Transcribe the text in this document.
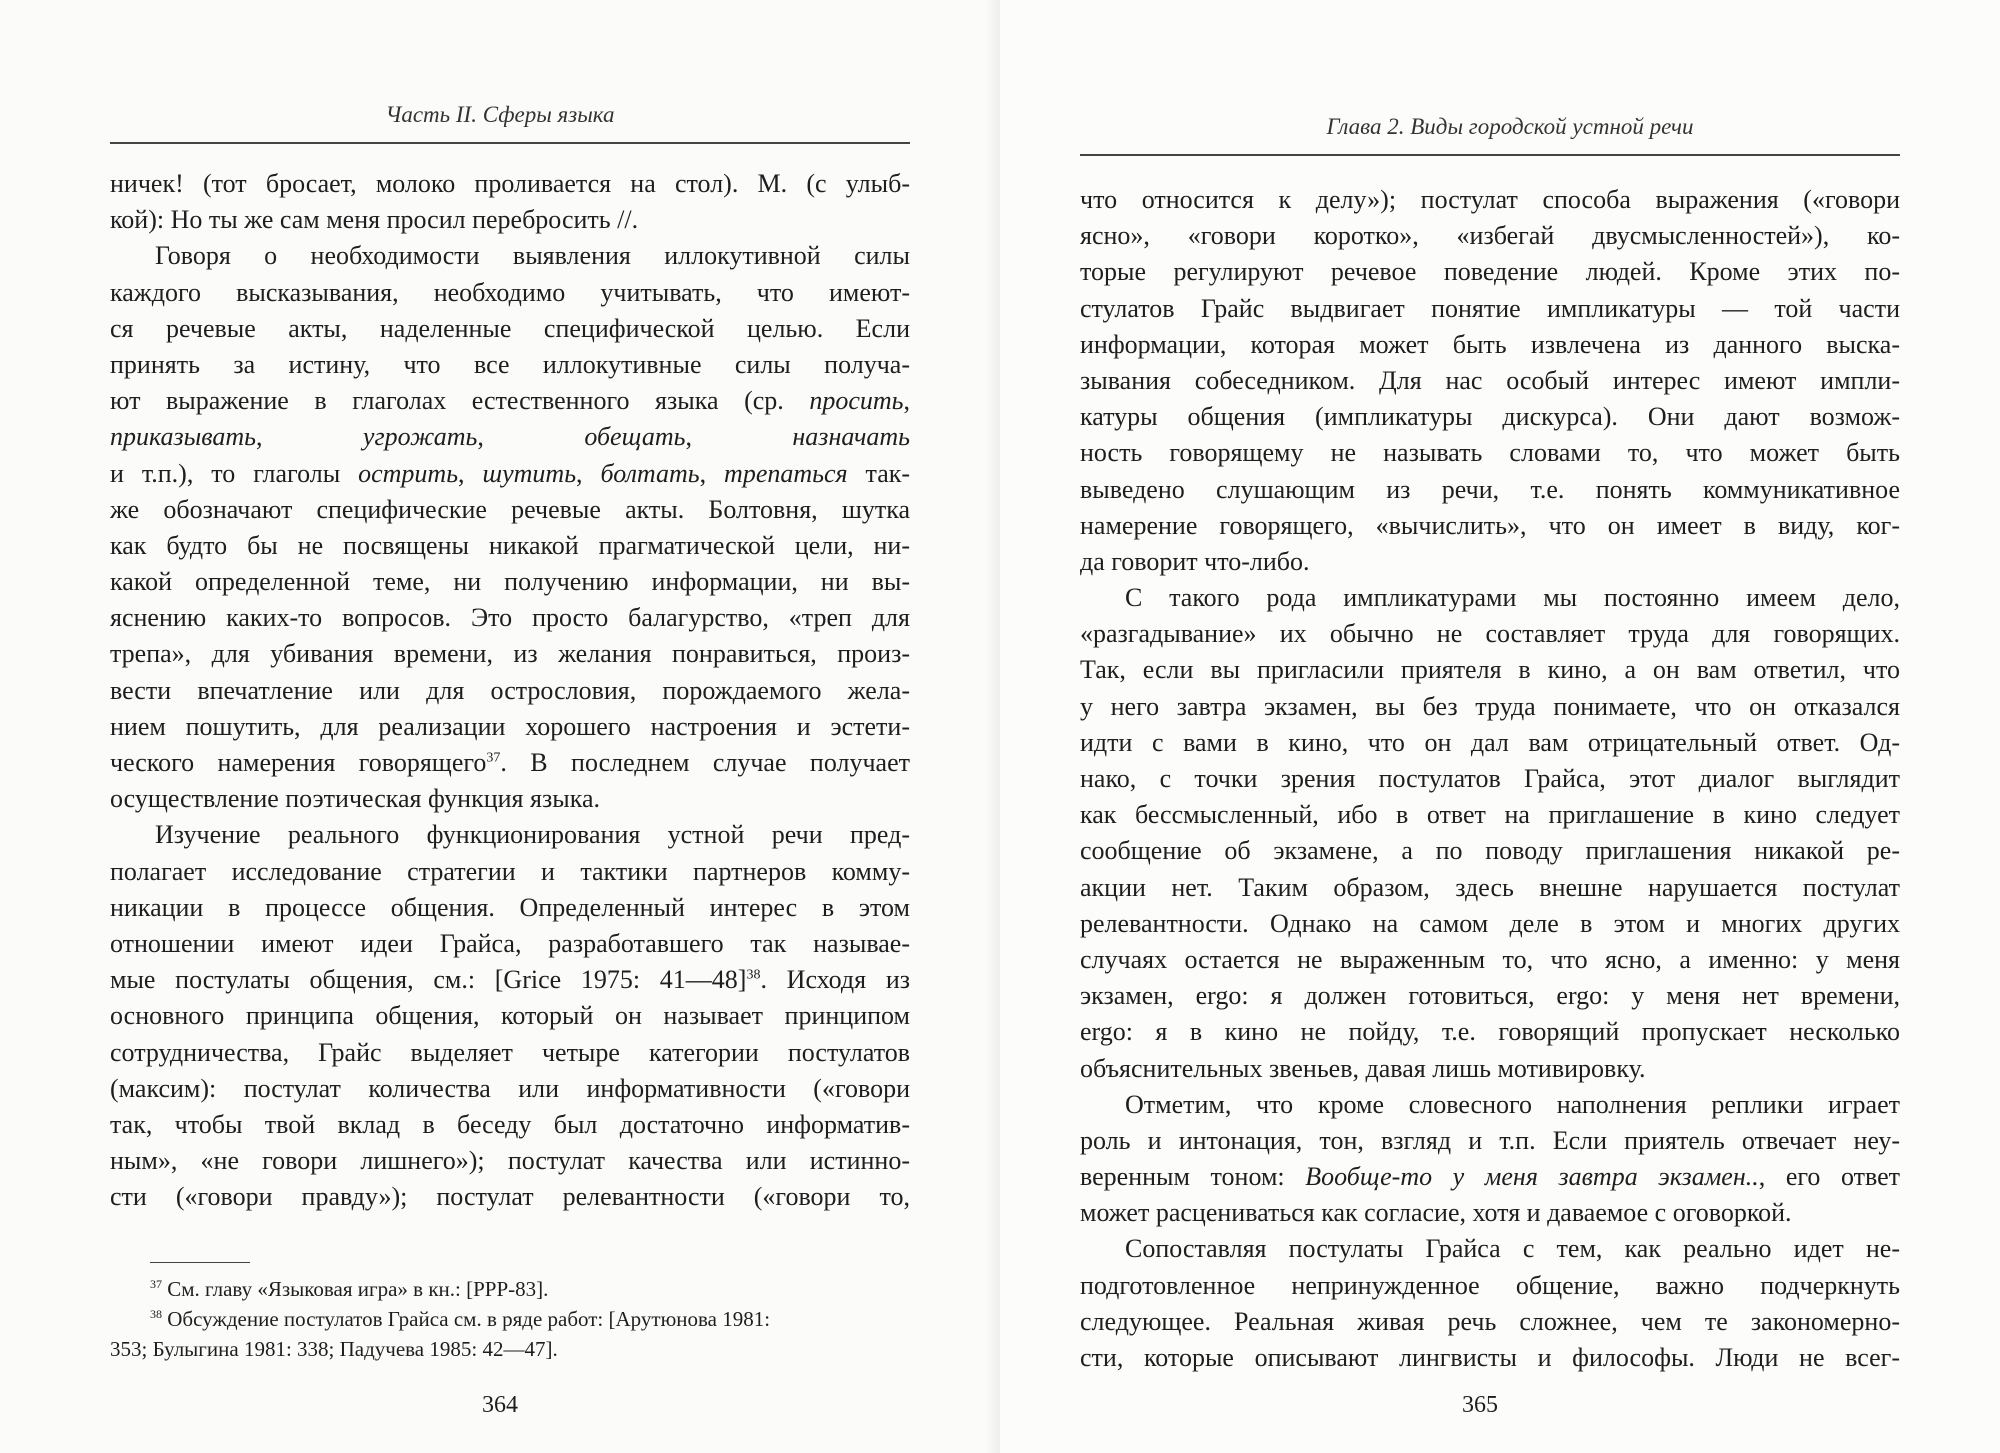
Часть II. Сферы языка
ничек! (тот бросает, молоко проливается на стол). М. (с улыб-
кой): Но ты же сам меня просил перебросить //.
Говоря о необходимости выявления иллокутивной силы
каждого высказывания, необходимо учитывать, что имеют-
ся речевые акты, наделенные специфической целью. Если
принять за истину, что все иллокутивные силы получа-
ют выражение в глаголах естественного языка (ср. просить,
приказывать, угрожать, обещать, назначать
и т.п.), то глаголы острить, шутить, болтать, трепаться так-
же обозначают специфические речевые акты. Болтовня, шутка
как будто бы не посвящены никакой прагматической цели, ни-
какой определенной теме, ни получению информации, ни вы-
яснению каких-то вопросов. Это просто балагурство, «треп для
трепа», для убивания времени, из желания понравиться, произ-
вести впечатление или для острословия, порождаемого жела-
нием пошутить, для реализации хорошего настроения и эстети-
ческого намерения говорящего$^{37}$. В последнем случае получает
осуществление поэтическая функция языка.
Изучение реального функционирования устной речи пред-
полагает исследование стратегии и тактики партнеров комму-
никации в процессе общения. Определенный интерес в этом
отношении имеют идеи Грайса, разработавшего так называе-
мые постулаты общения, см.: [Grice 1975: 41—48]$^{38}$. Исходя из
основного принципа общения, который он называет принципом
сотрудничества, Грайс выделяет четыре категории постулатов
(максим): постулат количества или информативности («говори
так, чтобы твой вклад в беседу был достаточно информатив-
ным», «не говори лишнего»); постулат качества или истинно-
сти («говори правду»); постулат релевантности («говори то,
$^{37}$ См. главу «Языковая игра» в кн.: [РРР-83].
$^{38}$ Обсуждение постулатов Грайса см. в ряде работ: [Арутюнова 1981:
353; Булыгина 1981: 338; Падучева 1985: 42—47].
364
Глава 2. Виды городской устной речи
что относится к делу»); постулат способа выражения («говори
ясно», «говори коротко», «избегай двусмысленностей»), ко-
торые регулируют речевое поведение людей. Кроме этих по-
стулатов Грайс выдвигает понятие импликатуры — той части
информации, которая может быть извлечена из данного выска-
зывания собеседником. Для нас особый интерес имеют импли-
катуры общения (импликатуры дискурса). Они дают возмож-
ность говорящему не называть словами то, что может быть
выведено слушающим из речи, т.е. понять коммуникативное
намерение говорящего, «вычислить», что он имеет в виду, ког-
да говорит что-либо.
С такого рода импликатурами мы постоянно имеем дело,
«разгадывание» их обычно не составляет труда для говорящих.
Так, если вы пригласили приятеля в кино, а он вам ответил, что
у него завтра экзамен, вы без труда понимаете, что он отказался
идти с вами в кино, что он дал вам отрицательный ответ. Од-
нако, с точки зрения постулатов Грайса, этот диалог выглядит
как бессмысленный, ибо в ответ на приглашение в кино следует
сообщение об экзамене, а по поводу приглашения никакой ре-
акции нет. Таким образом, здесь внешне нарушается постулат
релевантности. Однако на самом деле в этом и многих других
случаях остается не выраженным то, что ясно, а именно: у меня
экзамен, ergo: я должен готовиться, ergo: у меня нет времени,
ergo: я в кино не пойду, т.е. говорящий пропускает несколько
объяснительных звеньев, давая лишь мотивировку.
Отметим, что кроме словесного наполнения реплики играет
роль и интонация, тон, взгляд и т.п. Если приятель отвечает неу-
веренным тоном: Вообще-то у меня завтра экзамен.., его ответ
может расцениваться как согласие, хотя и даваемое с оговоркой.
Сопоставляя постулаты Грайса с тем, как реально идет не-
подготовленное непринужденное общение, важно подчеркнуть
следующее. Реальная живая речь сложнее, чем те закономерно-
сти, которые описывают лингвисты и философы. Люди не всег-
365
